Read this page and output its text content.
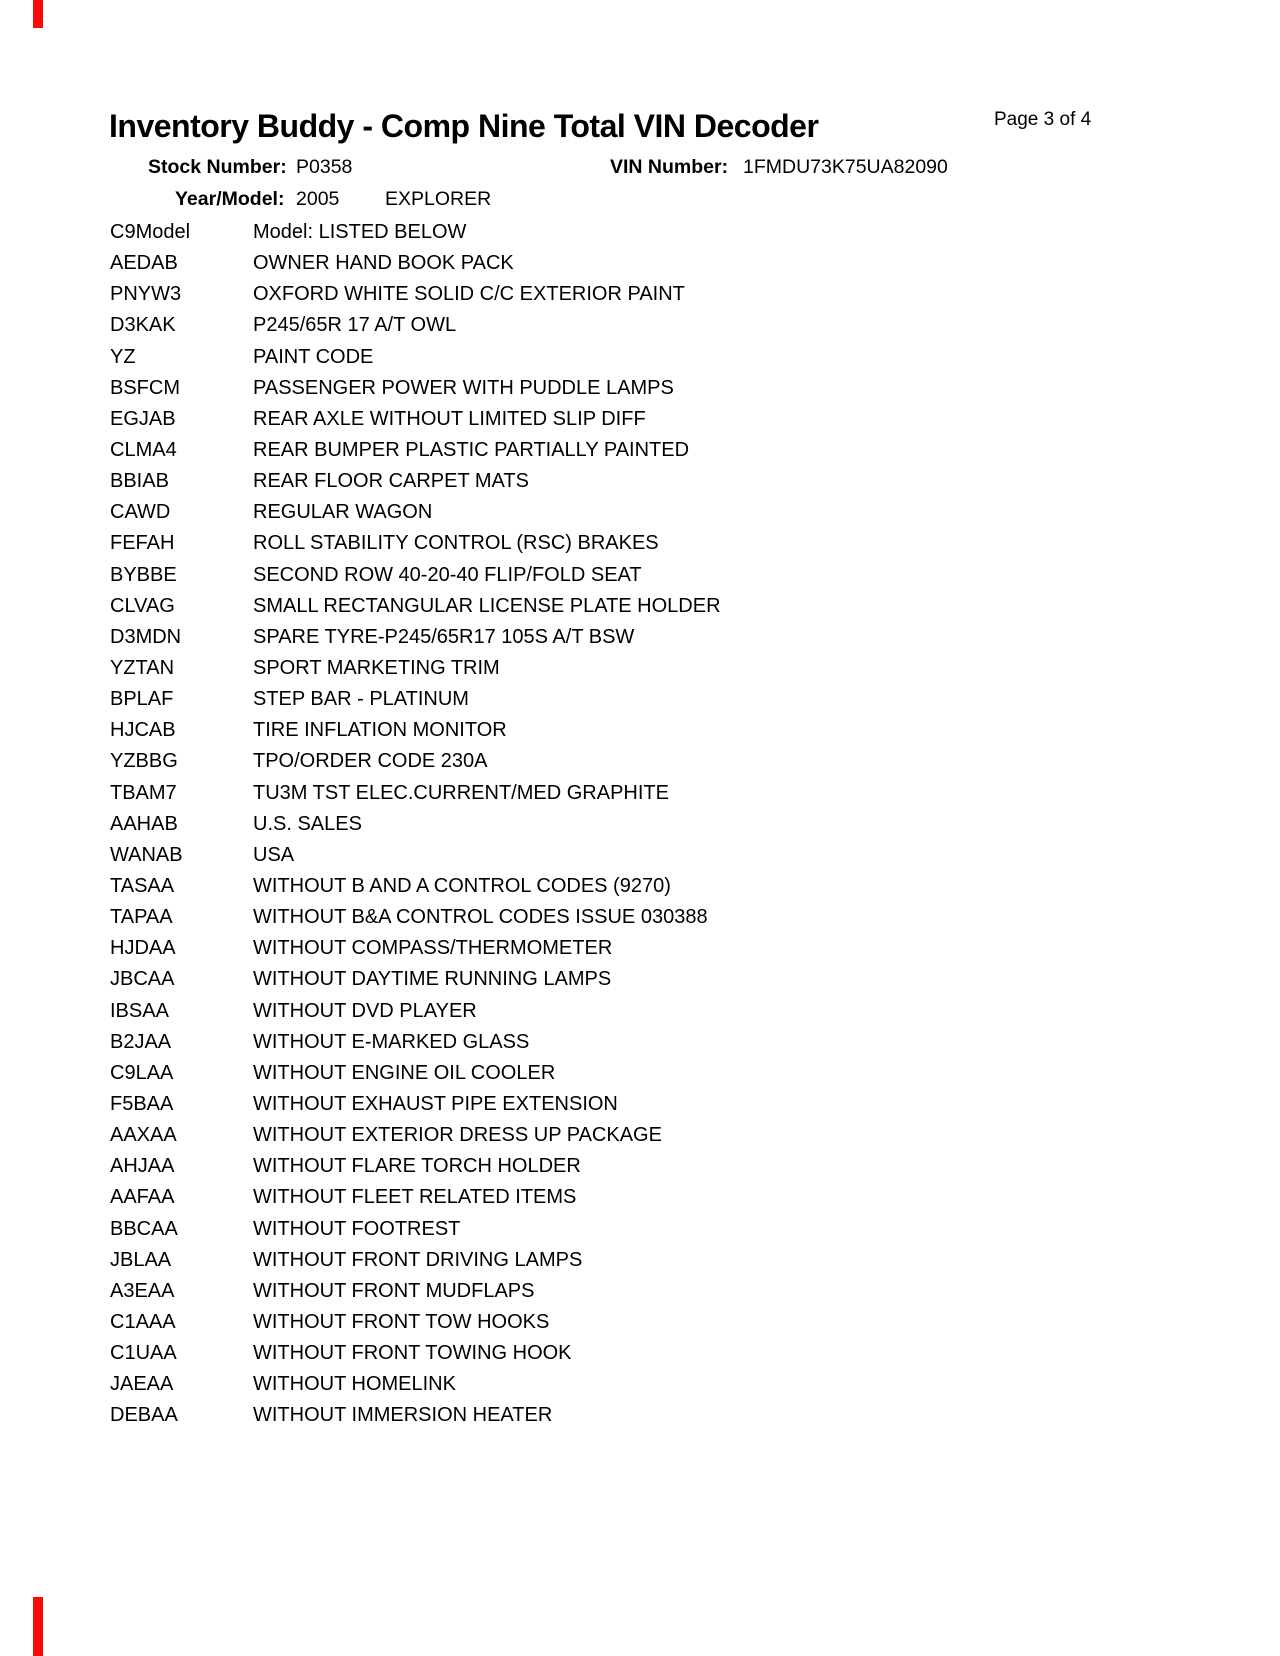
Inventory Buddy - Comp Nine Total VIN Decoder	Page 3 of 4
Stock Number: P0358	VIN Number: 1FMDU73K75UA82090
Year/Model: 2005 EXPLORER
C9Model	Model: LISTED BELOW
AEDAB	OWNER HAND BOOK PACK
PNYW3	OXFORD WHITE SOLID C/C EXTERIOR PAINT
D3KAK	P245/65R 17 A/T OWL
YZ	PAINT CODE
BSFCM	PASSENGER POWER WITH PUDDLE LAMPS
EGJAB	REAR AXLE WITHOUT LIMITED SLIP DIFF
CLMA4	REAR BUMPER PLASTIC PARTIALLY PAINTED
BBIAB	REAR FLOOR CARPET MATS
CAWD	REGULAR WAGON
FEFAH	ROLL STABILITY CONTROL (RSC) BRAKES
BYBBE	SECOND ROW 40-20-40 FLIP/FOLD SEAT
CLVAG	SMALL RECTANGULAR LICENSE PLATE HOLDER
D3MDN	SPARE TYRE-P245/65R17 105S A/T BSW
YZTAN	SPORT MARKETING TRIM
BPLAF	STEP BAR - PLATINUM
HJCAB	TIRE INFLATION MONITOR
YZBBG	TPO/ORDER CODE 230A
TBAM7	TU3M TST ELEC.CURRENT/MED GRAPHITE
AAHAB	U.S. SALES
WANAB	USA
TASAA	WITHOUT B AND A CONTROL CODES (9270)
TAPAA	WITHOUT B&A CONTROL CODES ISSUE 030388
HJDAA	WITHOUT COMPASS/THERMOMETER
JBCAA	WITHOUT DAYTIME RUNNING LAMPS
IBSAA	WITHOUT DVD PLAYER
B2JAA	WITHOUT E-MARKED GLASS
C9LAA	WITHOUT ENGINE OIL COOLER
F5BAA	WITHOUT EXHAUST PIPE EXTENSION
AAXAA	WITHOUT EXTERIOR DRESS UP PACKAGE
AHJAA	WITHOUT FLARE TORCH HOLDER
AAFAA	WITHOUT FLEET RELATED ITEMS
BBCAA	WITHOUT FOOTREST
JBLAA	WITHOUT FRONT DRIVING LAMPS
A3EAA	WITHOUT FRONT MUDFLAPS
C1AAA	WITHOUT FRONT TOW HOOKS
C1UAA	WITHOUT FRONT TOWING HOOK
JAEAA	WITHOUT HOMELINK
DEBAA	WITHOUT IMMERSION HEATER
